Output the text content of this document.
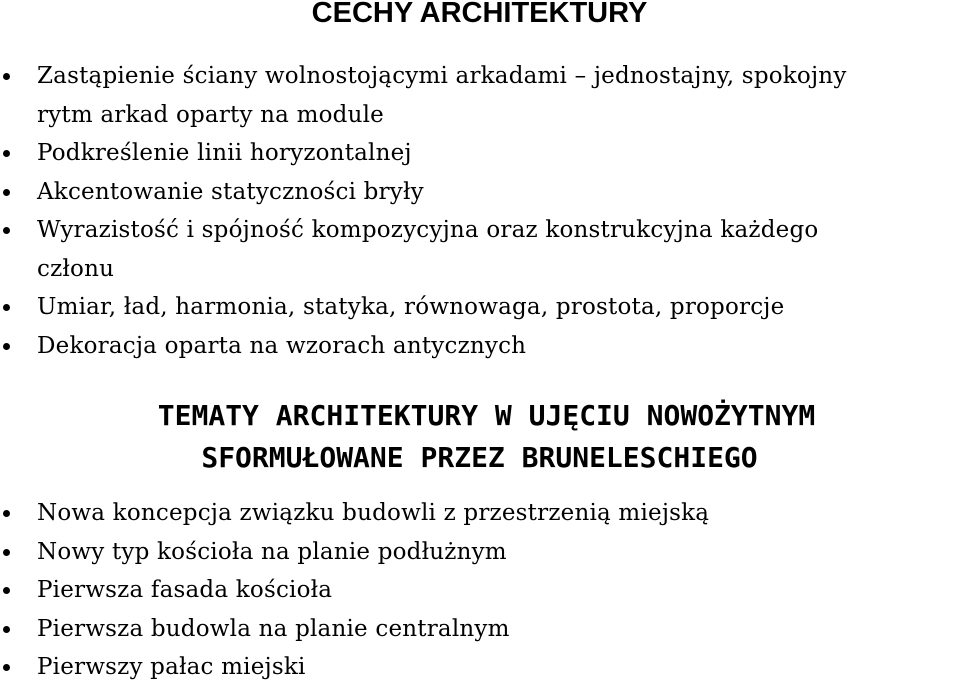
CECHY ARCHITEKTURY
Zastąpienie ściany wolnostojącymi arkadami – jednostajny, spokojny
rytm arkad oparty na module
Podkreślenie linii horyzontalnej
Akcentowanie statyczności bryły
Wyrazistość i spójność kompozycyjna oraz konstrukcyjna każdego
członu
Umiar, ład, harmonia, statyka, równowaga, prostota, proporcje
Dekoracja oparta na wzorach antycznych
TEMATY ARCHITEKTURY W UJĘCIU NOWOŻYTNYM
SFORMUŁOWANE PRZEZ BRUNELESCHIEGO
Nowa koncepcja związku budowli z przestrzenią miejską
Nowy typ kościoła na planie podłużnym
Pierwsza fasada kościoła
Pierwsza budowla na planie centralnym
Pierwszy pałac miejski
